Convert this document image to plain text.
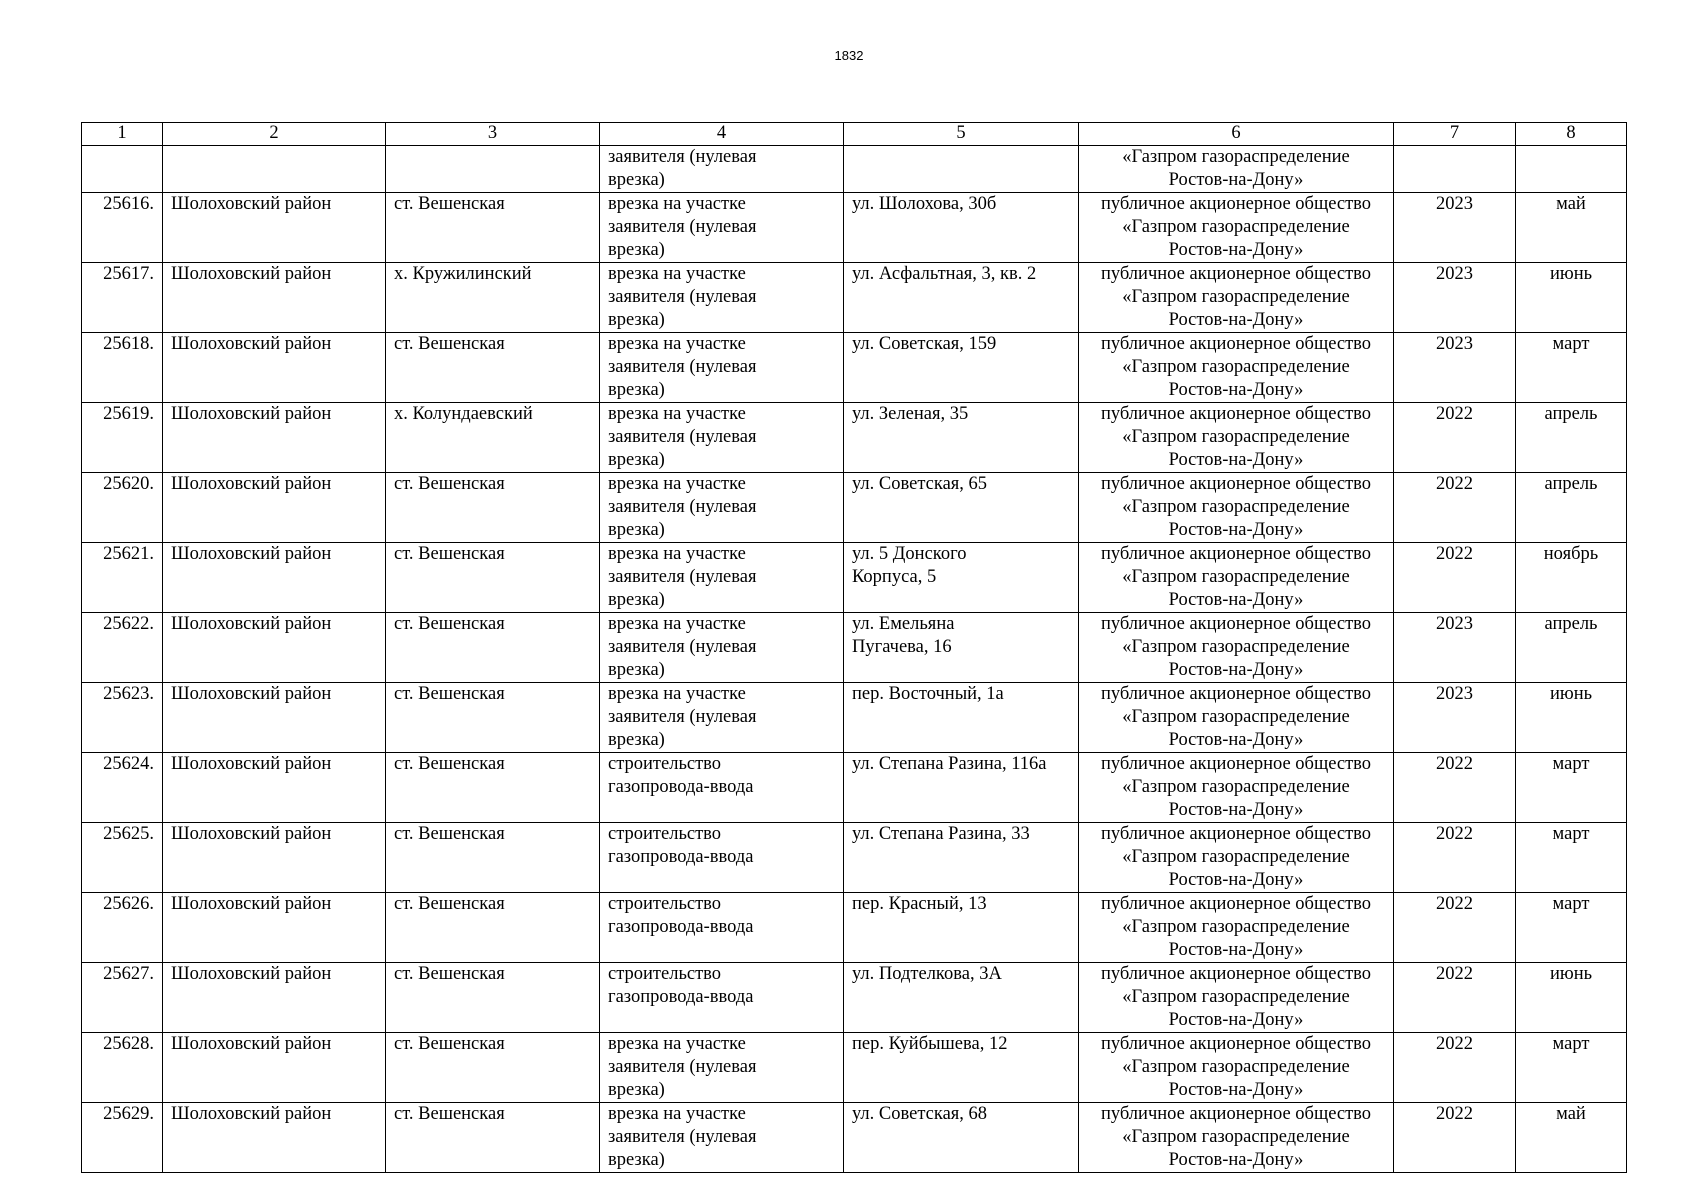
1832
1	2	3	4	5	6	7	8

			заявителя (нулевая
врезка)		«Газпром газораспределение
Ростов-на-Дону»		

25616.	Шолоховский район	ст. Вешенская	врезка на участке
заявителя (нулевая
врезка)	ул. Шолохова, 30б	публичное акционерное общество
«Газпром газораспределение
Ростов-на-Дону»	2023	май
25617.	Шолоховский район	х. Кружилинский	врезка на участке
заявителя (нулевая
врезка)	ул. Асфальтная, 3, кв. 2	публичное акционерное общество
«Газпром газораспределение
Ростов-на-Дону»	2023	июнь
25618.	Шолоховский район	ст. Вешенская	врезка на участке
заявителя (нулевая
врезка)	ул. Советская, 159	публичное акционерное общество
«Газпром газораспределение
Ростов-на-Дону»	2023	март
25619.	Шолоховский район	х. Колундаевский	врезка на участке
заявителя (нулевая
врезка)	ул. Зеленая, 35	публичное акционерное общество
«Газпром газораспределение
Ростов-на-Дону»	2022	апрель
25620.	Шолоховский район	ст. Вешенская	врезка на участке
заявителя (нулевая
врезка)	ул. Советская, 65	публичное акционерное общество
«Газпром газораспределение
Ростов-на-Дону»	2022	апрель
25621.	Шолоховский район	ст. Вешенская	врезка на участке
заявителя (нулевая
врезка)	ул. 5 Донского
Корпуса, 5	публичное акционерное общество
«Газпром газораспределение
Ростов-на-Дону»	2022	ноябрь
25622.	Шолоховский район	ст. Вешенская	врезка на участке
заявителя (нулевая
врезка)	ул. Емельяна
Пугачева, 16	публичное акционерное общество
«Газпром газораспределение
Ростов-на-Дону»	2023	апрель
25623.	Шолоховский район	ст. Вешенская	врезка на участке
заявителя (нулевая
врезка)	пер. Восточный, 1а	публичное акционерное общество
«Газпром газораспределение
Ростов-на-Дону»	2023	июнь
25624.	Шолоховский район	ст. Вешенская	строительство
газопровода-ввода	ул. Степана Разина, 116а	публичное акционерное общество
«Газпром газораспределение
Ростов-на-Дону»	2022	март
25625.	Шолоховский район	ст. Вешенская	строительство
газопровода-ввода	ул. Степана Разина, 33	публичное акционерное общество
«Газпром газораспределение
Ростов-на-Дону»	2022	март
25626.	Шолоховский район	ст. Вешенская	строительство
газопровода-ввода	пер. Красный, 13	публичное акционерное общество
«Газпром газораспределение
Ростов-на-Дону»	2022	март
25627.	Шолоховский район	ст. Вешенская	строительство
газопровода-ввода	ул. Подтелкова, 3А	публичное акционерное общество
«Газпром газораспределение
Ростов-на-Дону»	2022	июнь
25628.	Шолоховский район	ст. Вешенская	врезка на участке
заявителя (нулевая
врезка)	пер. Куйбышева, 12	публичное акционерное общество
«Газпром газораспределение
Ростов-на-Дону»	2022	март
25629.	Шолоховский район	ст. Вешенская	врезка на участке
заявителя (нулевая
врезка)	ул. Советская, 68	публичное акционерное общество
«Газпром газораспределение
Ростов-на-Дону»	2022	май
